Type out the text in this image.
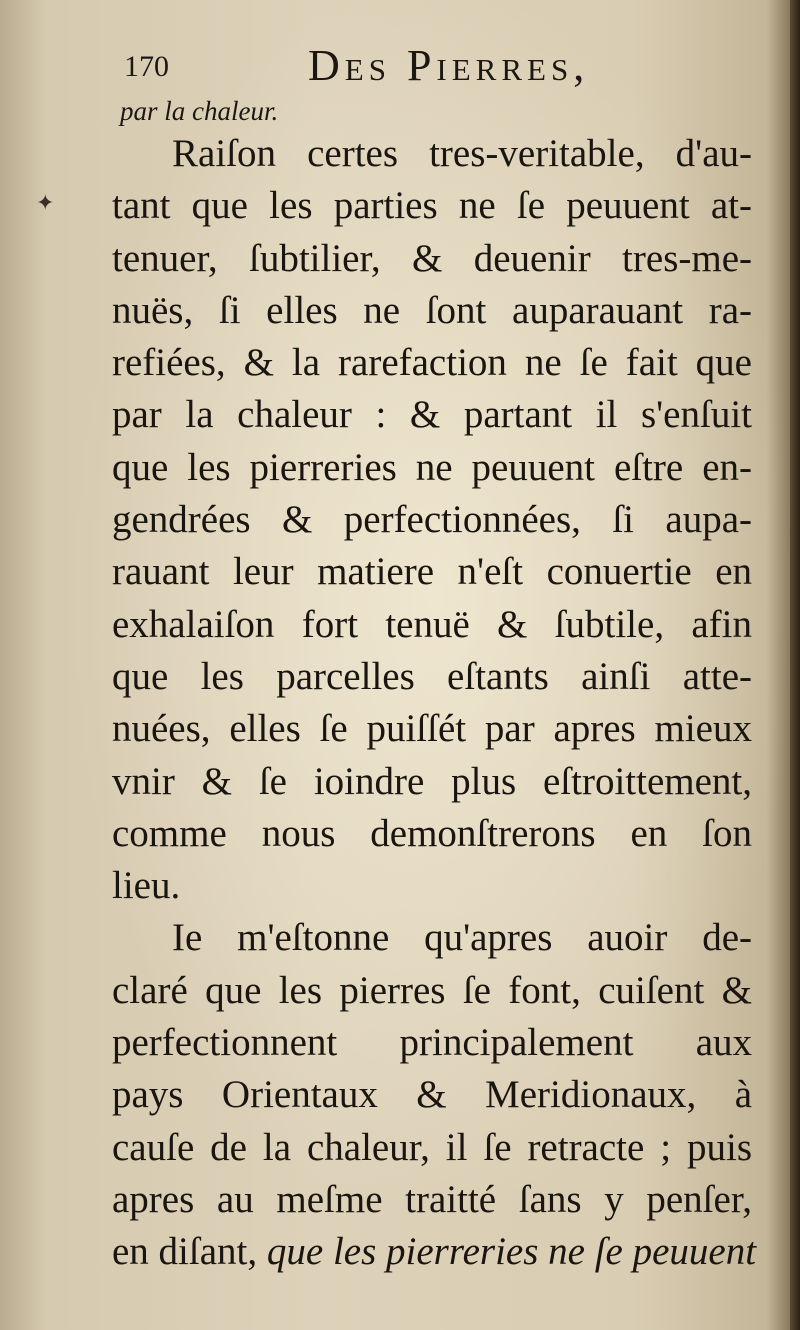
170	Des Pierres,
par la chaleur.
Raiſon certes tres-veritable, d'au-
tant que les parties ne ſe peuuent at-
tenuer, ſubtilier, & deuenir tres-me-
nuës, ſi elles ne ſont auparauant ra-
refiées, & la rarefaction ne ſe fait que
par la chaleur : & partant il s'enſuit
que les pierreries ne peuuent eſtre en-
gendrées & perfectionnées, ſi aupa-
rauant leur matiere n'eſt conuertie en
exhalaiſon fort tenuë & ſubtile, afin
que les parcelles eſtants ainſi atte-
nuées, elles ſe puiſſét par apres mieux
vnir & ſe ioindre plus eſtroittement,
comme nous demonſtrerons en ſon
lieu.
Ie m'eſtonne qu'apres auoir de-
claré que les pierres ſe font, cuiſent &
perfectionnent principalement aux
pays Orientaux & Meridionaux, à
cauſe de la chaleur, il ſe retracte ; puis
apres au meſme traitté ſans y penſer,
en diſant, que les pierreries ne ſe peuuent
✦
